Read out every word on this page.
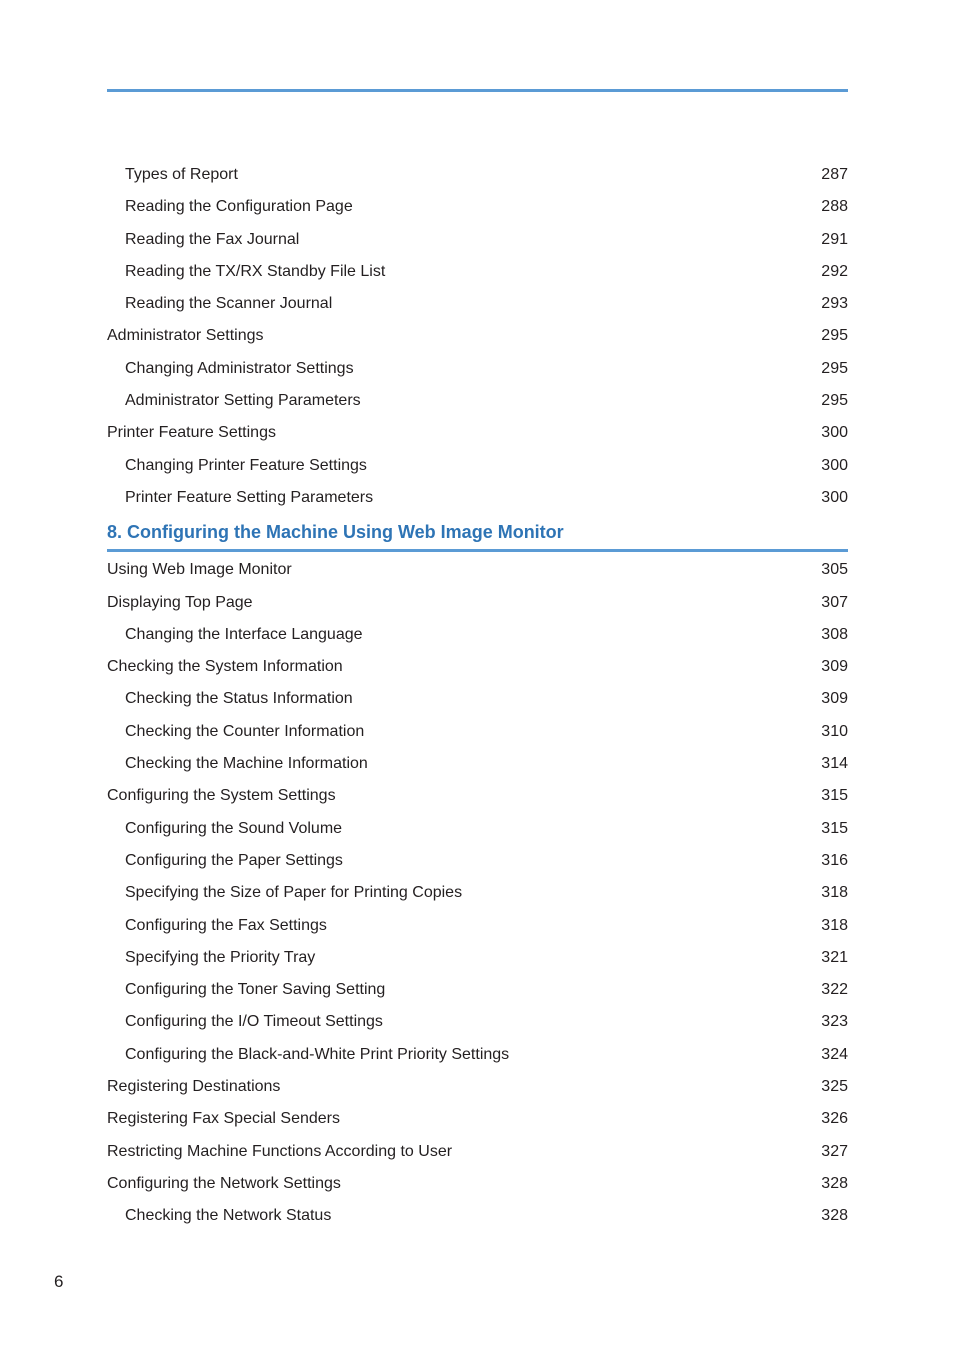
Types of Report	287
Reading the Configuration Page	288
Reading the Fax Journal	291
Reading the TX/RX Standby File List	292
Reading the Scanner Journal	293
Administrator Settings	295
Changing Administrator Settings	295
Administrator Setting Parameters	295
Printer Feature Settings	300
Changing Printer Feature Settings	300
Printer Feature Setting Parameters	300
8. Configuring the Machine Using Web Image Monitor
Using Web Image Monitor	305
Displaying Top Page	307
Changing the Interface Language	308
Checking the System Information	309
Checking the Status Information	309
Checking the Counter Information	310
Checking the Machine Information	314
Configuring the System Settings	315
Configuring the Sound Volume	315
Configuring the Paper Settings	316
Specifying the Size of Paper for Printing Copies	318
Configuring the Fax Settings	318
Specifying the Priority Tray	321
Configuring the Toner Saving Setting	322
Configuring the I/O Timeout Settings	323
Configuring the Black-and-White Print Priority Settings	324
Registering Destinations	325
Registering Fax Special Senders	326
Restricting Machine Functions According to User	327
Configuring the Network Settings	328
Checking the Network Status	328
6
